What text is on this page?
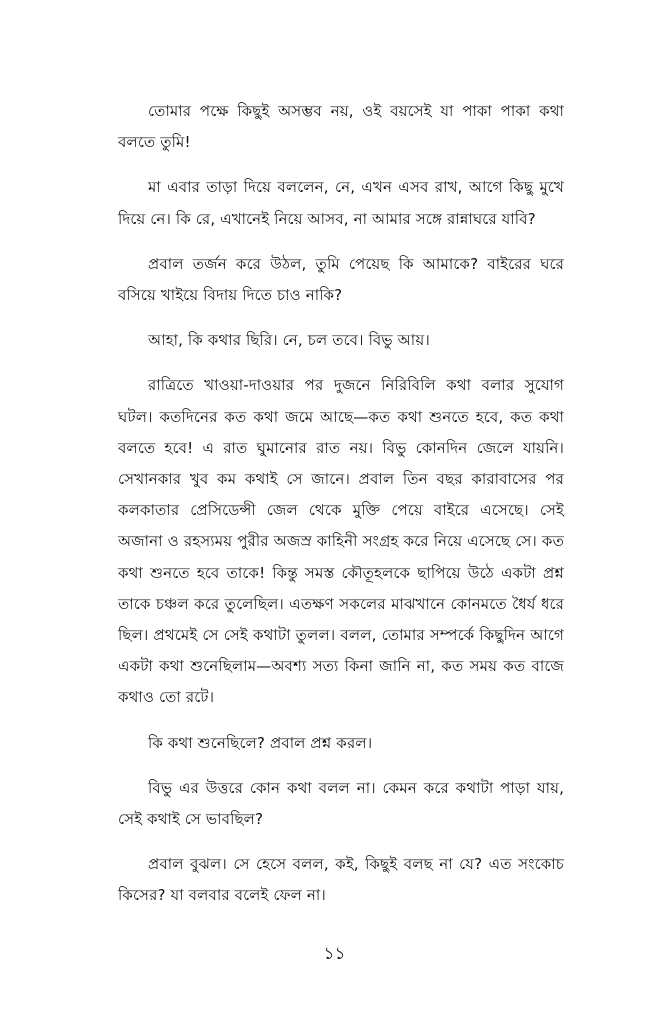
তোমার পক্ষে কিছুই অসম্ভব নয়, ওই বয়সেই যা পাকা পাকা কথা বলতে তুমি!

মা এবার তাড়া দিয়ে বললেন, নে, এখন এসব রাখ, আগে কিছু মুখে দিয়ে নে। কি রে, এখানেই নিয়ে আসব, না আমার সঙ্গে রান্নাঘরে যাবি?

প্রবাল তর্জন করে উঠল, তুমি পেয়েছ কি আমাকে? বাইরের ঘরে বসিয়ে খাইয়ে বিদায় দিতে চাও নাকি?

আহা, কি কথার ছিরি। নে, চল তবে। বিভু আয়।

রাত্রিতে খাওয়া-দাওয়ার পর দুজনে নিরিবিলি কথা বলার সুযোগ ঘটল। কতদিনের কত কথা জমে আছে—কত কথা শুনতে হবে, কত কথা বলতে হবে! এ রাত ঘুমানোর রাত নয়। বিভু কোনদিন জেলে যায়নি। সেখানকার খুব কম কথাই সে জানে। প্রবাল তিন বছর কারাবাসের পর কলকাতার প্রেসিডেন্সী জেল থেকে মুক্তি পেয়ে বাইরে এসেছে। সেই অজানা ও রহস্যময় পুরীর অজস্র কাহিনী সংগ্রহ করে নিয়ে এসেছে সে। কত কথা শুনতে হবে তাকে! কিন্তু সমস্ত কৌতূহলকে ছাপিয়ে উঠে একটা প্রশ্ন তাকে চঞ্চল করে তুলেছিল। এতক্ষণ সকলের মাঝখানে কোনমতে ধৈর্য ধরে ছিল। প্রথমেই সে সেই কথাটা তুলল। বলল, তোমার সম্পর্কে কিছুদিন আগে একটা কথা শুনেছিলাম—অবশ্য সত্য কিনা জানি না, কত সময় কত বাজে কথাও তো রটে।

কি কথা শুনেছিলে? প্রবাল প্রশ্ন করল।

বিভু এর উত্তরে কোন কথা বলল না। কেমন করে কথাটা পাড়া যায়, সেই কথাই সে ভাবছিল?

প্রবাল বুঝল। সে হেসে বলল, কই, কিছুই বলছ না যে? এত সংকোচ কিসের? যা বলবার বলেই ফেল না।

১১
